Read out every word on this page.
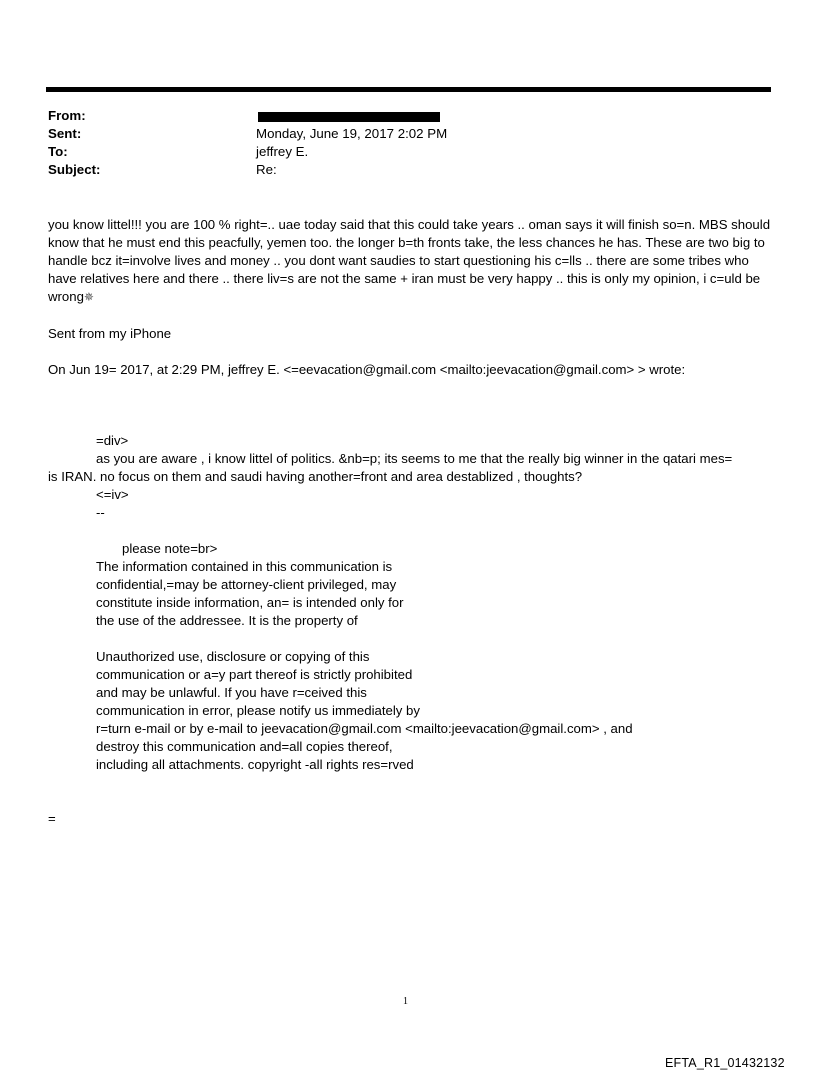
From:
Sent:	Monday, June 19, 2017 2:02 PM
To:	jeffrey E.
Subject:	Re:
you know littel!!! you are 100 % right=.. uae today said that this could take years .. oman says it will finish so=n. MBS should know that he must end this peacfully, yemen too. the longer b=th fronts take, the less chances he has. These are two big to handle bcz it=involve lives and money .. you dont want saudies to start questioning his c=lls .. there are some tribes who have relatives here and there .. there liv=s are not the same + iran must be very happy .. this is only my opinion, i c=uld be wrong✵
Sent from my iPhone
On Jun 19= 2017, at 2:29 PM, jeffrey E. <=eevacation@gmail.com <mailto:jeevacation@gmail.com> > wrote:
=div>
as you are aware , i know littel of politics. &nb=p; its seems to me that the really big winner in the qatari mes=
is IRAN. no focus on them and saudi having another=front and area destablized , thoughts?
<=iv>
--
please note=br>
The information contained in this communication is
confidential,=may be attorney-client privileged, may
constitute inside information, an= is intended only for
the use of the addressee. It is the property of
Unauthorized use, disclosure or copying of this
communication or a=y part thereof is strictly prohibited
and may be unlawful. If you have r=ceived this
communication in error, please notify us immediately by
r=turn e-mail or by e-mail to jeevacation@gmail.com <mailto:jeevacation@gmail.com> , and
destroy this communication and=all copies thereof,
including all attachments. copyright -all rights res=rved
=
1
EFTA_R1_01432132
